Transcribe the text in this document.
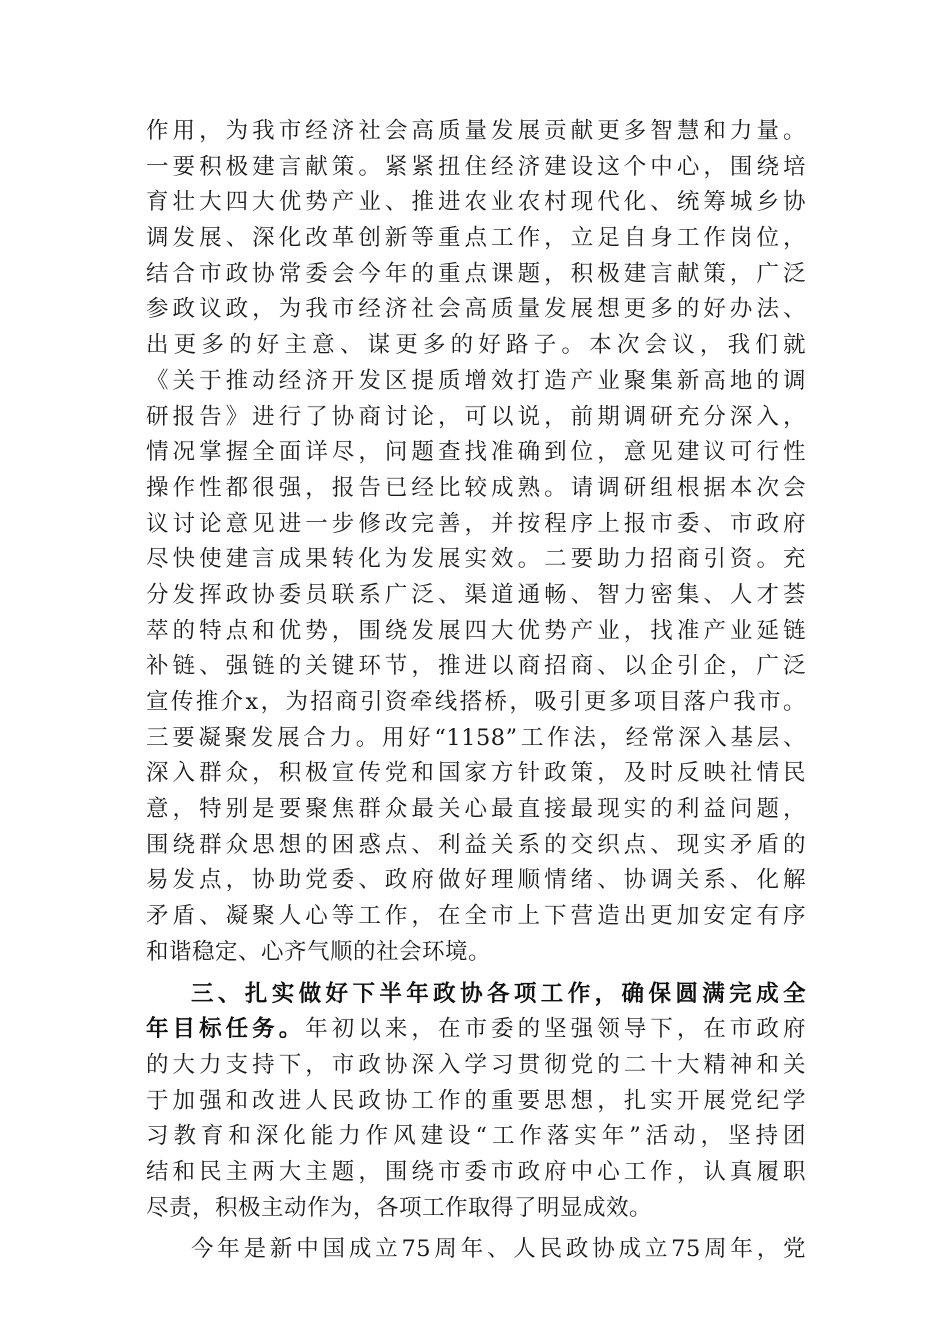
作用，为我市经济社会高质量发展贡献更多智慧和力量。
一要积极建言献策。紧紧扭住经济建设这个中心，围绕培
育壮大四大优势产业、推进农业农村现代化、统筹城乡协
调发展、深化改革创新等重点工作，立足自身工作岗位，
结合市政协常委会今年的重点课题，积极建言献策，广泛
参政议政，为我市经济社会高质量发展想更多的好办法、
出更多的好主意、谋更多的好路子。本次会议，我们就
《关于推动经济开发区提质增效打造产业聚集新高地的调
研报告》进行了协商讨论，可以说，前期调研充分深入，
情况掌握全面详尽，问题查找准确到位，意见建议可行性
操作性都很强，报告已经比较成熟。请调研组根据本次会
议讨论意见进一步修改完善，并按程序上报市委、市政府
尽快使建言成果转化为发展实效。二要助力招商引资。充
分发挥政协委员联系广泛、渠道通畅、智力密集、人才荟
萃的特点和优势，围绕发展四大优势产业，找准产业延链
补链、强链的关键环节，推进以商招商、以企引企，广泛
宣传推介x，为招商引资牵线搭桥，吸引更多项目落户我市。
三要凝聚发展合力。用好“1158”工作法，经常深入基层、
深入群众，积极宣传党和国家方针政策，及时反映社情民
意，特别是要聚焦群众最关心最直接最现实的利益问题，
围绕群众思想的困惑点、利益关系的交织点、现实矛盾的
易发点，协助党委、政府做好理顺情绪、协调关系、化解
矛盾、凝聚人心等工作，在全市上下营造出更加安定有序
和谐稳定、心齐气顺的社会环境。
三、扎实做好下半年政协各项工作，确保圆满完成全
年目标任务。年初以来，在市委的坚强领导下，在市政府
的大力支持下，市政协深入学习贯彻党的二十大精神和关
于加强和改进人民政协工作的重要思想，扎实开展党纪学
习教育和深化能力作风建设“工作落实年”活动，坚持团
结和民主两大主题，围绕市委市政府中心工作，认真履职
尽责，积极主动作为，各项工作取得了明显成效。
今年是新中国成立75周年、人民政协成立75周年，党
